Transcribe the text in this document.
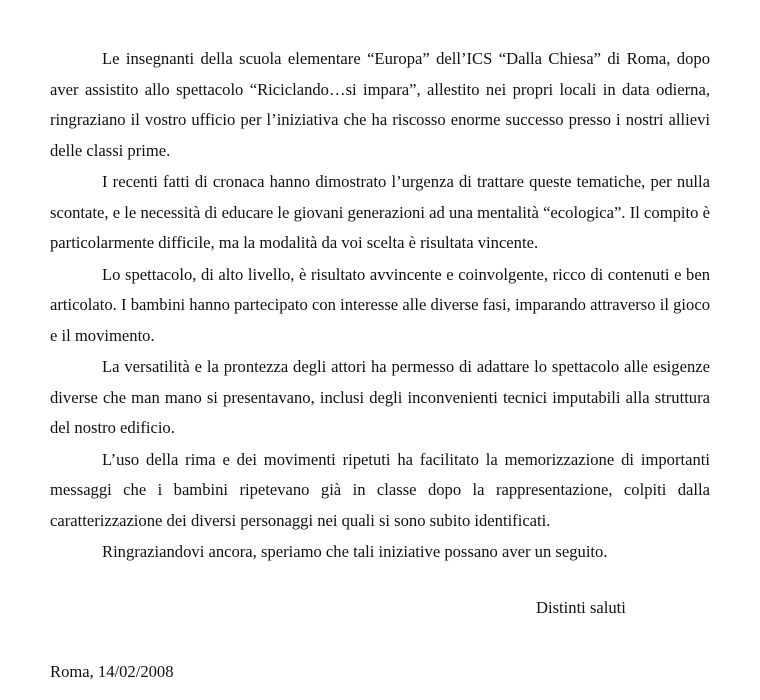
Le insegnanti della scuola elementare “Europa” dell’ICS “Dalla Chiesa” di Roma, dopo aver assistito allo spettacolo “Riciclando…si impara”, allestito nei propri locali in data odierna, ringraziano il vostro ufficio per l’iniziativa che ha riscosso enorme successo presso i nostri allievi delle classi prime.

I recenti fatti di cronaca hanno dimostrato l’urgenza di trattare queste tematiche, per nulla scontate, e le necessità di educare le giovani generazioni ad una mentalità “ecologica”. Il compito è particolarmente difficile, ma la modalità da voi scelta è risultata vincente.

Lo spettacolo, di alto livello, è risultato avvincente e coinvolgente, ricco di contenuti e ben articolato. I bambini hanno partecipato con interesse alle diverse fasi, imparando attraverso il gioco e il movimento.

La versatilità e la prontezza degli attori ha permesso di adattare lo spettacolo alle esigenze diverse che man mano si presentavano, inclusi degli inconvenienti tecnici imputabili alla struttura del nostro edificio.

L’uso della rima e dei movimenti ripetuti ha facilitato la memorizzazione di importanti messaggi che i bambini ripetevano già in classe dopo la rappresentazione, colpiti dalla caratterizzazione dei diversi personaggi nei quali si sono subito identificati.

Ringraziandovi ancora, speriamo che tali iniziative possano aver un seguito.

Distinti saluti

Roma, 14/02/2008
